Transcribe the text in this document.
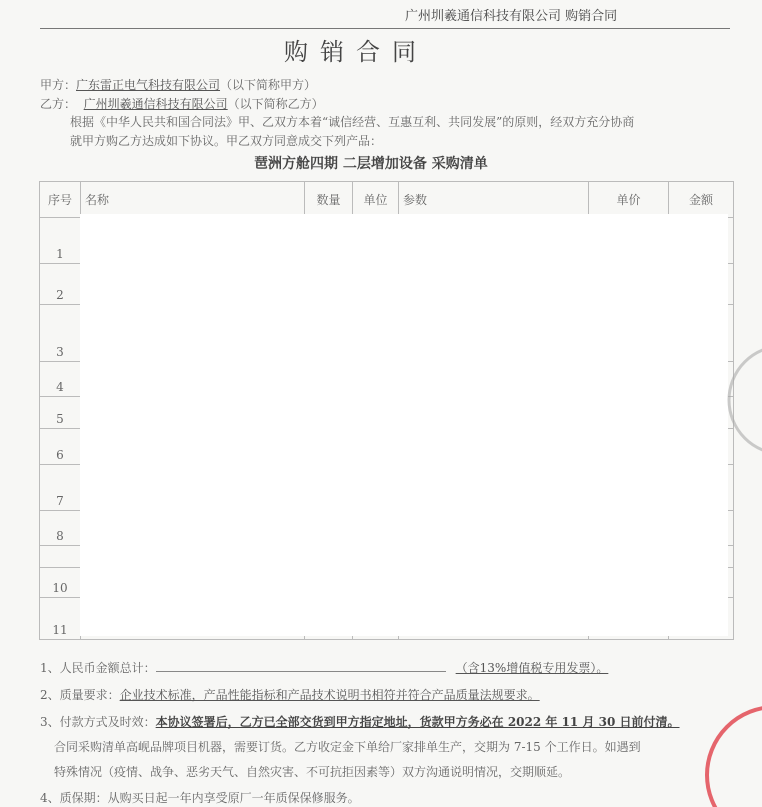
广州圳羲通信科技有限公司 购销合同
购销合同
甲方：广东雷正电气科技有限公司（以下简称甲方）
乙方： 广州圳羲通信科技有限公司（以下简称乙方）
根据《中华人民共和国合同法》甲、乙双方本着“诚信经营、互惠互利、共同发展”的原则，经双方充分协商
就甲方购乙方达成如下协议。甲乙双方同意成交下列产品：
琶洲方舱四期 二层增加设备 采购清单
序号	名称	数量	单位	参数	单价	金额
1						
2						
3						
4						
5						
6						
7						
8						

10						
11						
1、人民币金额总计：	（含13%增值税专用发票）。
2、质量要求：企业技术标准，产品性能指标和产品技术说明书相符并符合产品质量法规要求。
3、付款方式及时效：本协议签署后，乙方已全部交货到甲方指定地址，货款甲方务必在 2022 年 11 月 30 日前付清。
合同采购清单高岘品牌项目机器，需要订货。乙方收定金下单给厂家排单生产，交期为 7-15 个工作日。如遇到
特殊情况（疫情、战争、恶劣天气、自然灾害、不可抗拒因素等）双方沟通说明情况，交期顺延。
4、质保期：从购买日起一年内享受原厂一年质保保修服务。
